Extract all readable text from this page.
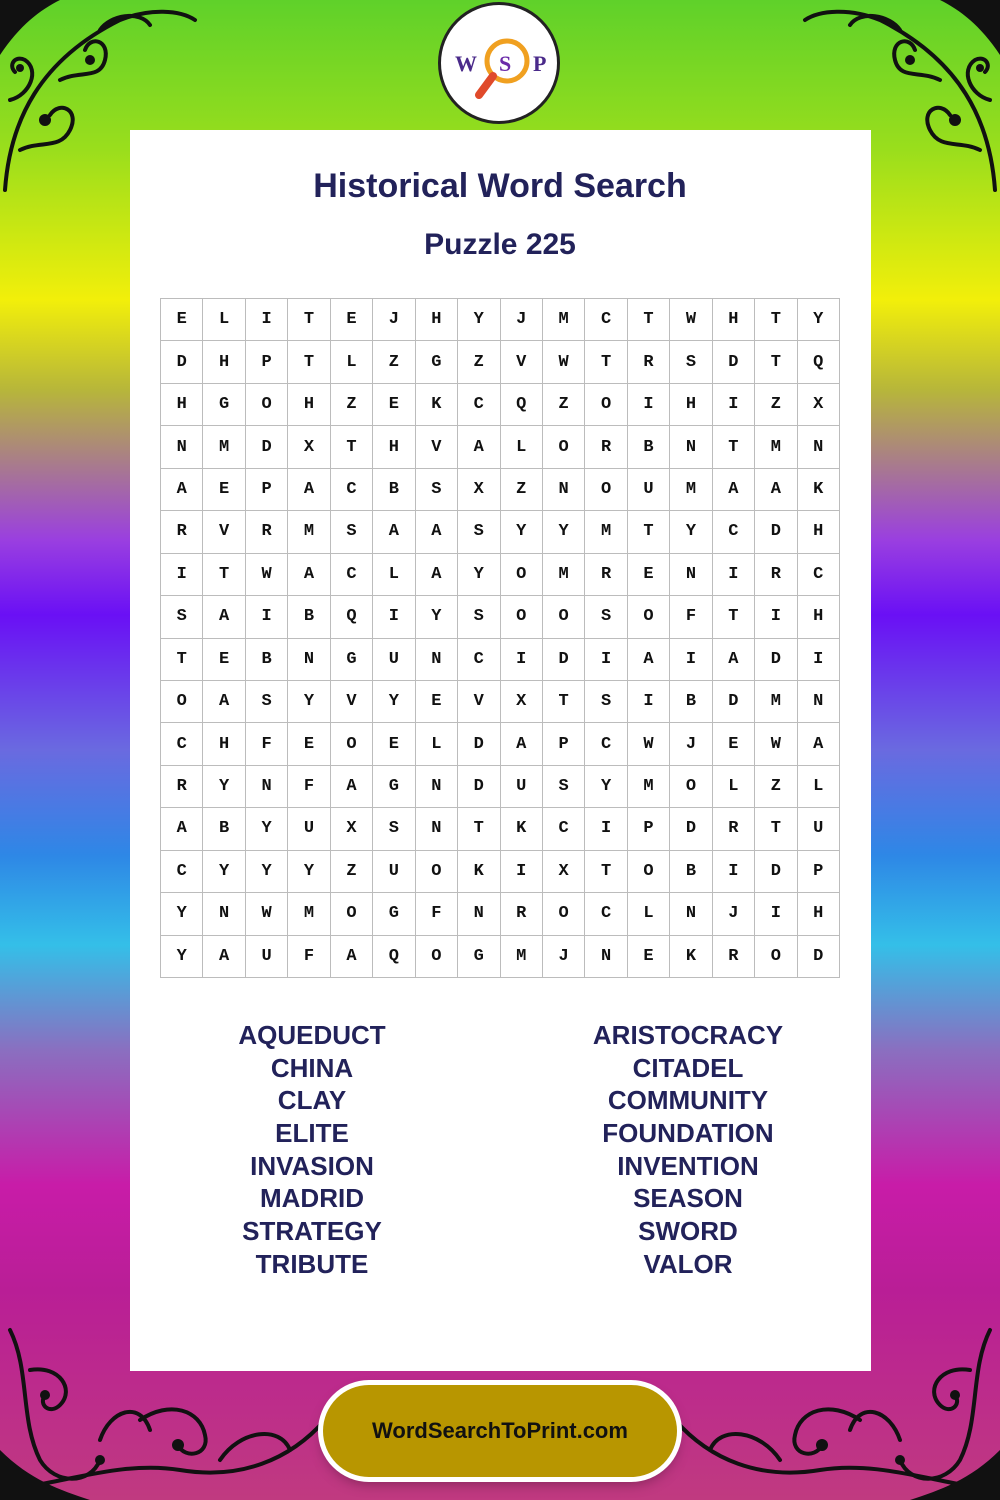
W S P
Historical Word Search
Puzzle 225
E	L	I	T	E	J	H	Y	J	M	C	T	W	H	T	Y
D	H	P	T	L	Z	G	Z	V	W	T	R	S	D	T	Q
H	G	O	H	Z	E	K	C	Q	Z	O	I	H	I	Z	X
N	M	D	X	T	H	V	A	L	O	R	B	N	T	M	N
A	E	P	A	C	B	S	X	Z	N	O	U	M	A	A	K
R	V	R	M	S	A	A	S	Y	Y	M	T	Y	C	D	H
I	T	W	A	C	L	A	Y	O	M	R	E	N	I	R	C
S	A	I	B	Q	I	Y	S	O	O	S	O	F	T	I	H
T	E	B	N	G	U	N	C	I	D	I	A	I	A	D	I
O	A	S	Y	V	Y	E	V	X	T	S	I	B	D	M	N
C	H	F	E	O	E	L	D	A	P	C	W	J	E	W	A
R	Y	N	F	A	G	N	D	U	S	Y	M	O	L	Z	L
A	B	Y	U	X	S	N	T	K	C	I	P	D	R	T	U
C	Y	Y	Y	Z	U	O	K	I	X	T	O	B	I	D	P
Y	N	W	M	O	G	F	N	R	O	C	L	N	J	I	H
Y	A	U	F	A	Q	O	G	M	J	N	E	K	R	O	D
AQUEDUCT
CHINA
CLAY
ELITE
INVASION
MADRID
STRATEGY
TRIBUTE
ARISTOCRACY
CITADEL
COMMUNITY
FOUNDATION
INVENTION
SEASON
SWORD
VALOR
WordSearchToPrint.com
